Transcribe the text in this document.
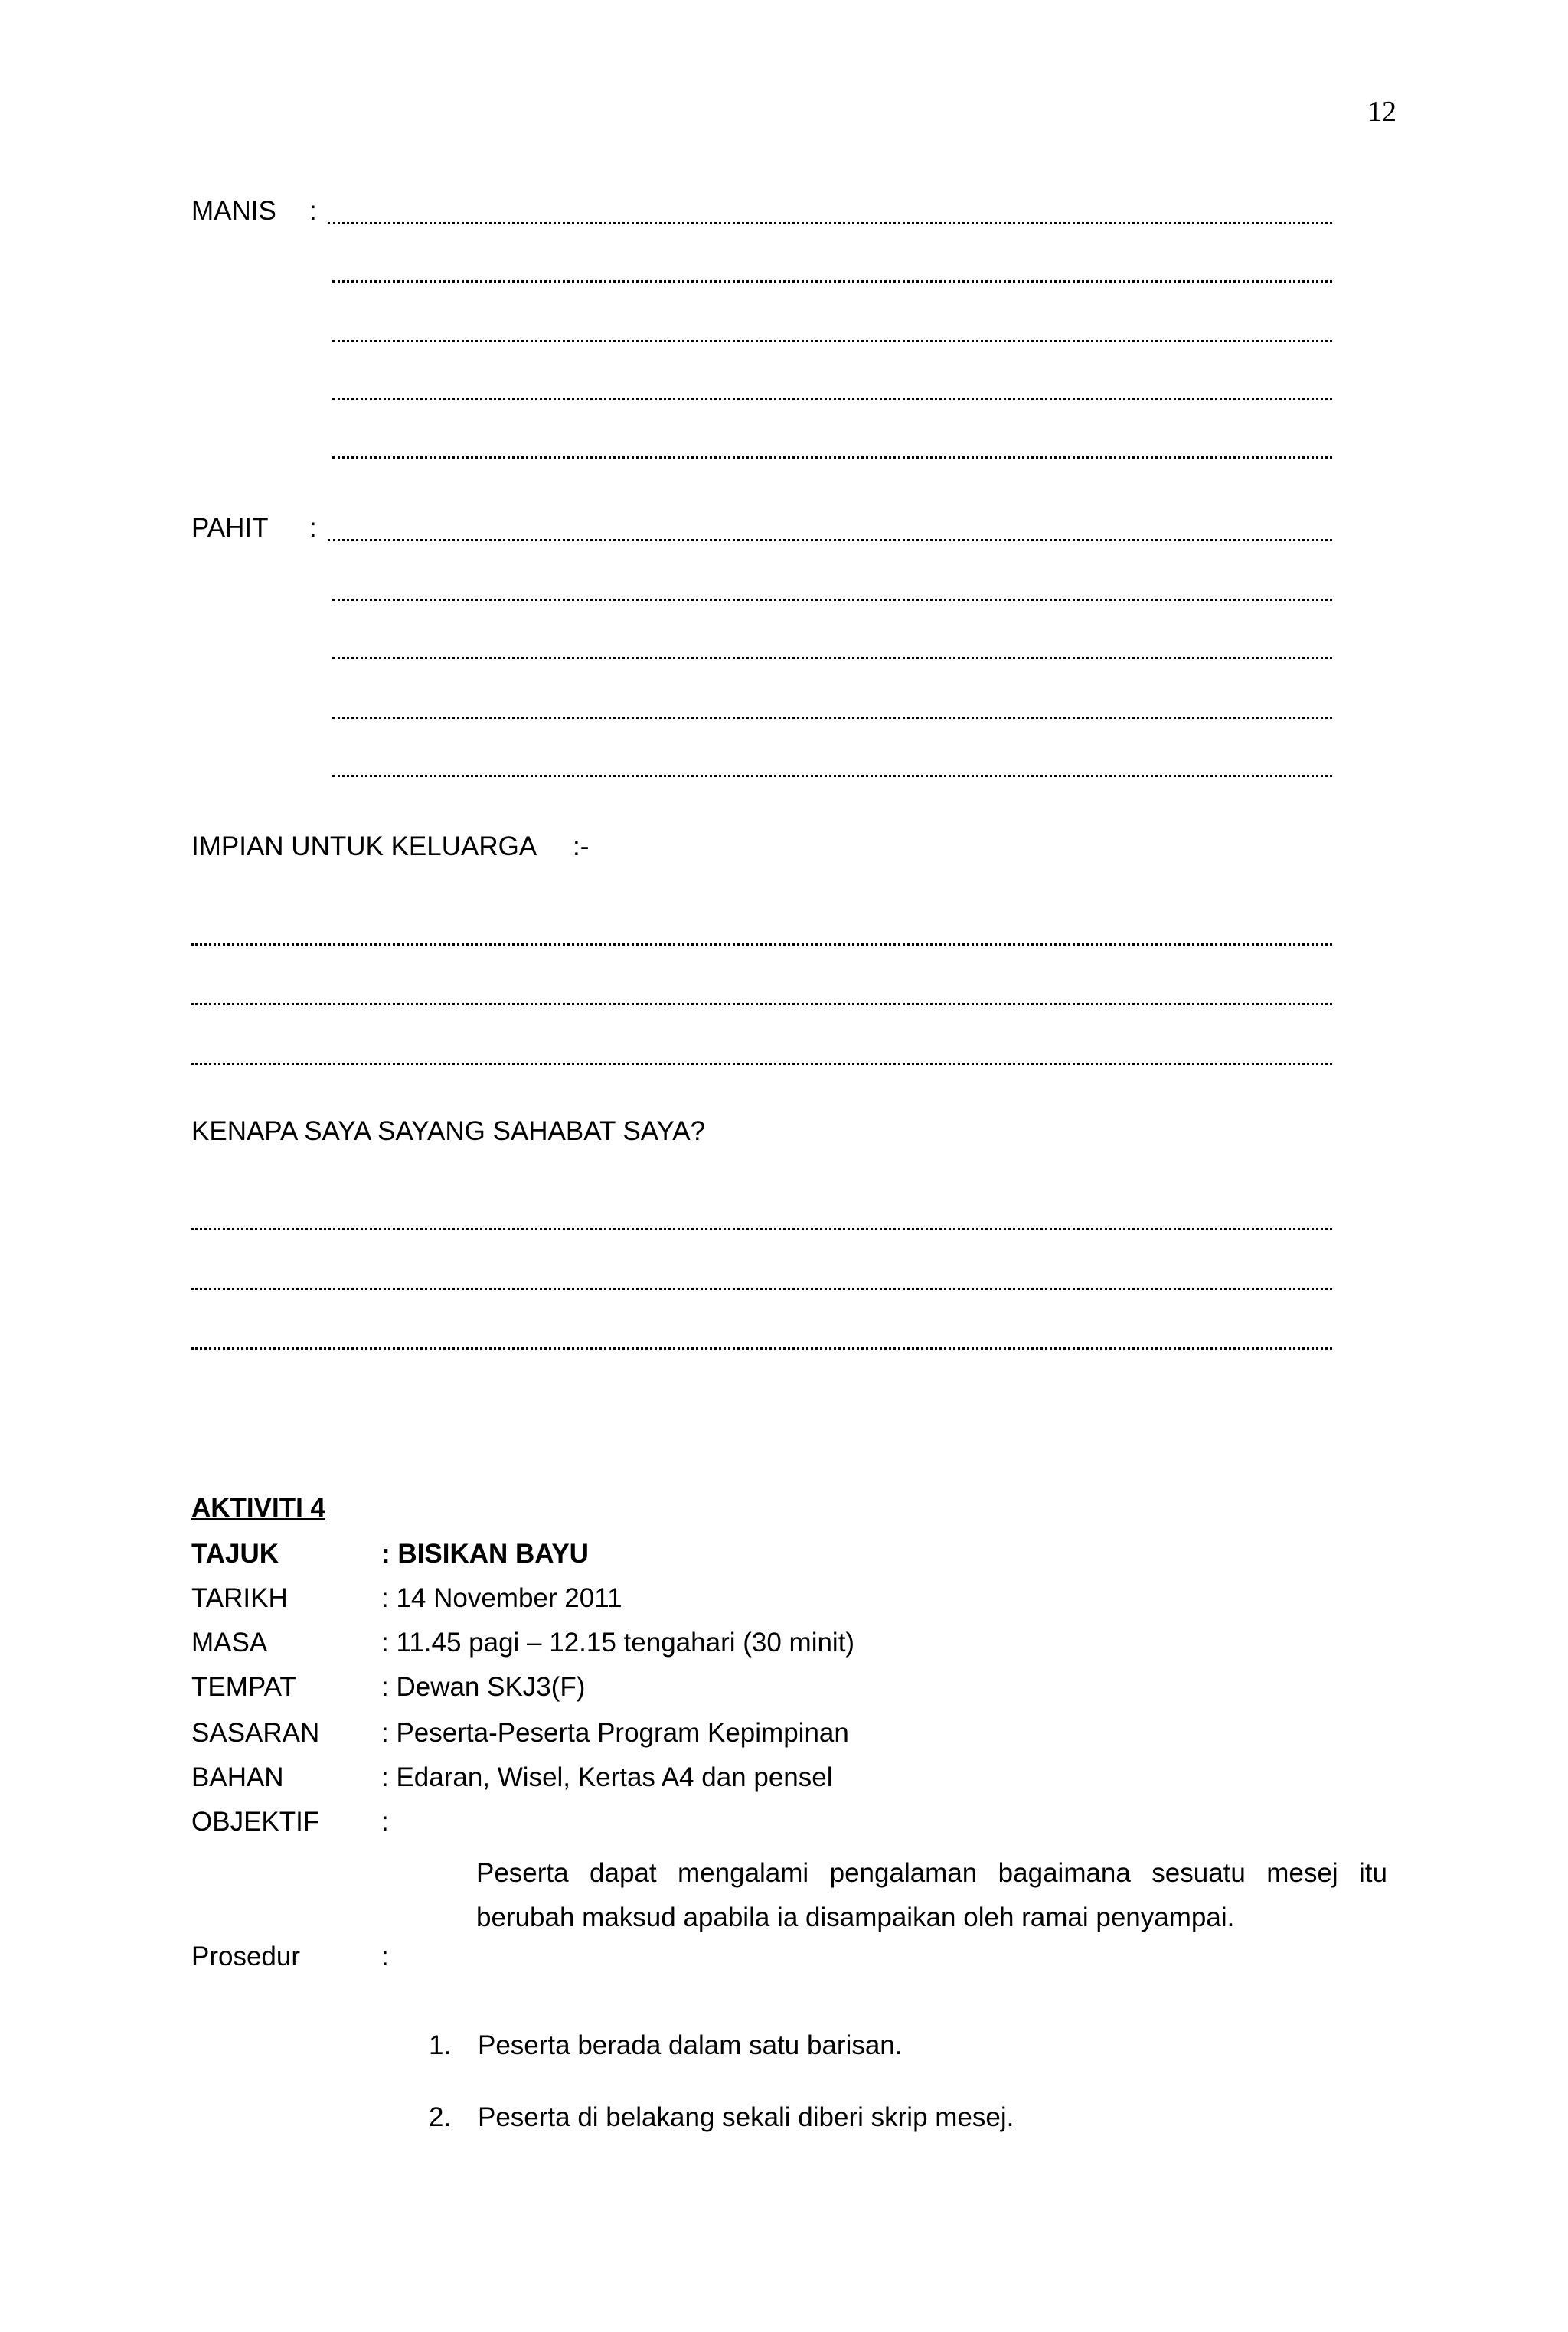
12
MANIS :
PAHIT :
IMPIAN UNTUK KELUARGA :-
KENAPA SAYA SAYANG SAHABAT SAYA?
AKTIVITI 4
TAJUK	: BISIKAN BAYU
TARIKH	: 14 November 2011
MASA	: 11.45 pagi – 12.15 tengahari (30 minit)
TEMPAT	: Dewan SKJ3(F)
SASARAN : Peserta-Peserta Program Kepimpinan
BAHAN	: Edaran, Wisel, Kertas A4 dan pensel
OBJEKTIF :
Peserta dapat mengalami pengalaman bagaimana sesuatu mesej itu berubah maksud apabila ia disampaikan oleh ramai penyampai.
Prosedur	:
1. Peserta berada dalam satu barisan.
2. Peserta di belakang sekali diberi skrip mesej.
